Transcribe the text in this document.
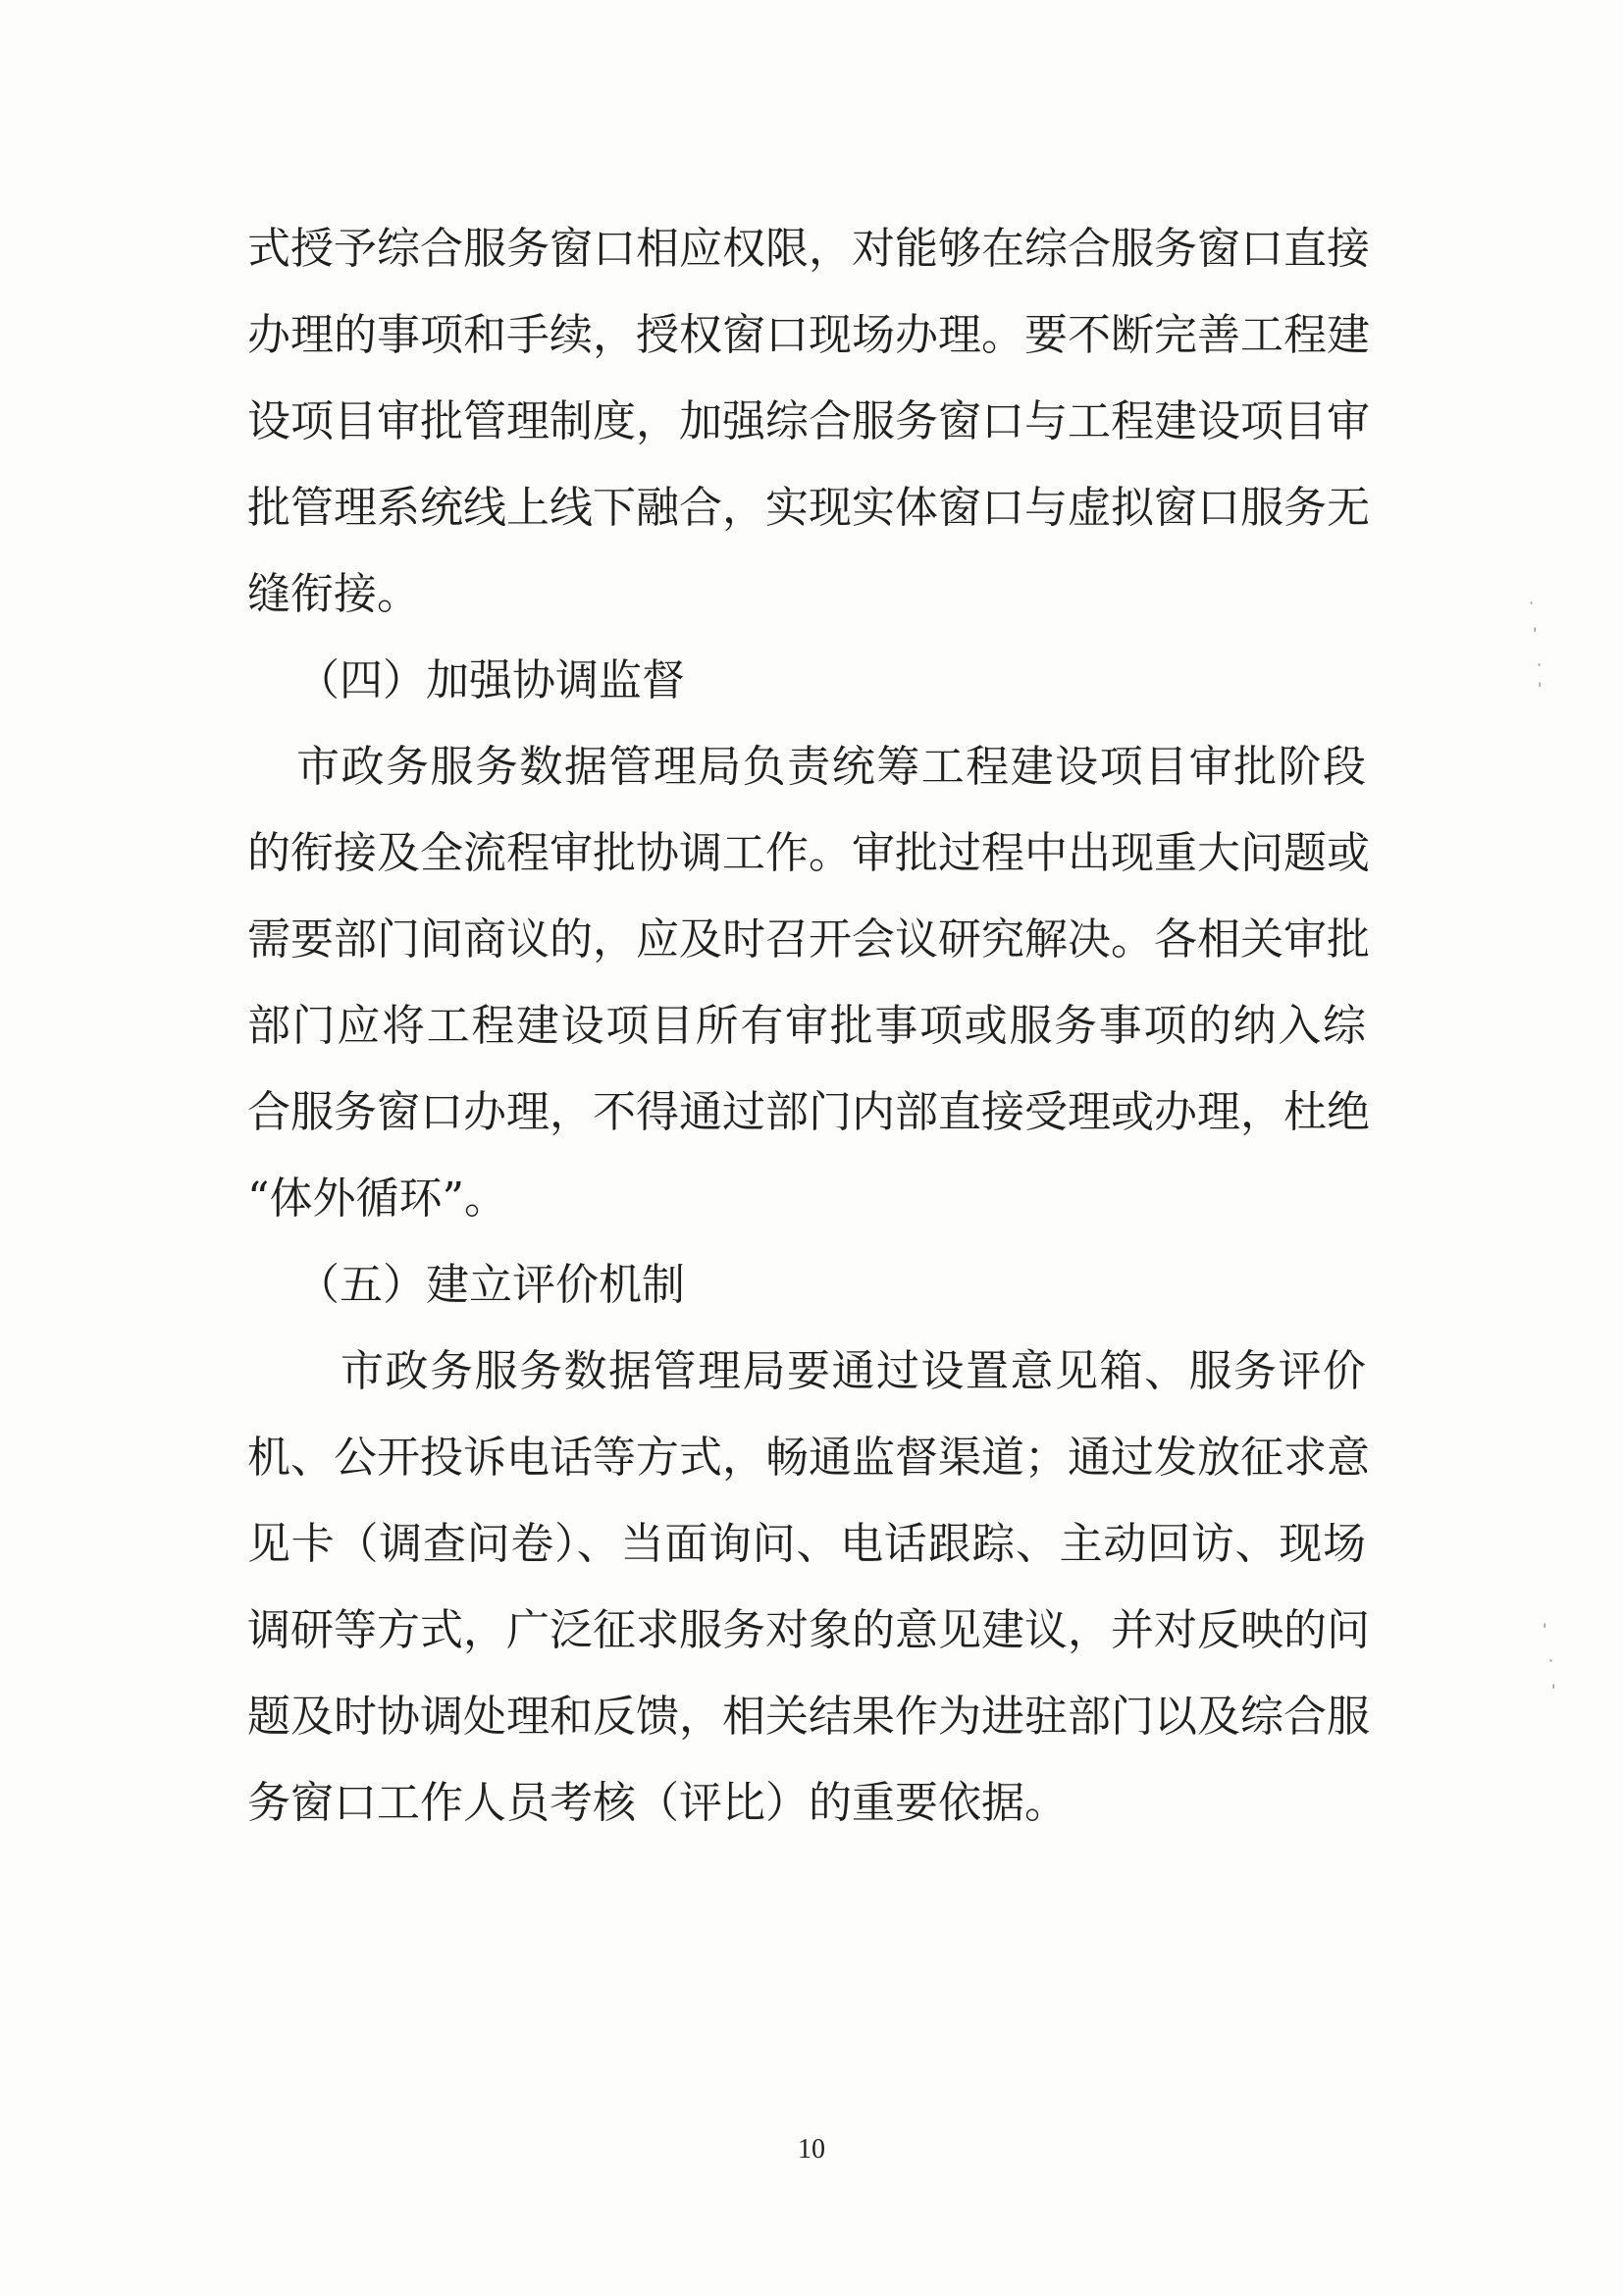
式授予综合服务窗口相应权限，对能够在综合服务窗口直接
办理的事项和手续，授权窗口现场办理。要不断完善工程建
设项目审批管理制度，加强综合服务窗口与工程建设项目审
批管理系统线上线下融合，实现实体窗口与虚拟窗口服务无
缝衔接。
（四）加强协调监督
市政务服务数据管理局负责统筹工程建设项目审批阶段
的衔接及全流程审批协调工作。审批过程中出现重大问题或
需要部门间商议的，应及时召开会议研究解决。各相关审批
部门应将工程建设项目所有审批事项或服务事项的纳入综
合服务窗口办理，不得通过部门内部直接受理或办理，杜绝
“体外循环”。
（五）建立评价机制
市政务服务数据管理局要通过设置意见箱、服务评价
机、公开投诉电话等方式，畅通监督渠道；通过发放征求意
见卡（调查问卷）、当面询问、电话跟踪、主动回访、现场
调研等方式，广泛征求服务对象的意见建议，并对反映的问
题及时协调处理和反馈，相关结果作为进驻部门以及综合服
务窗口工作人员考核（评比）的重要依据。
10
·
'
·
'
'
·
'
